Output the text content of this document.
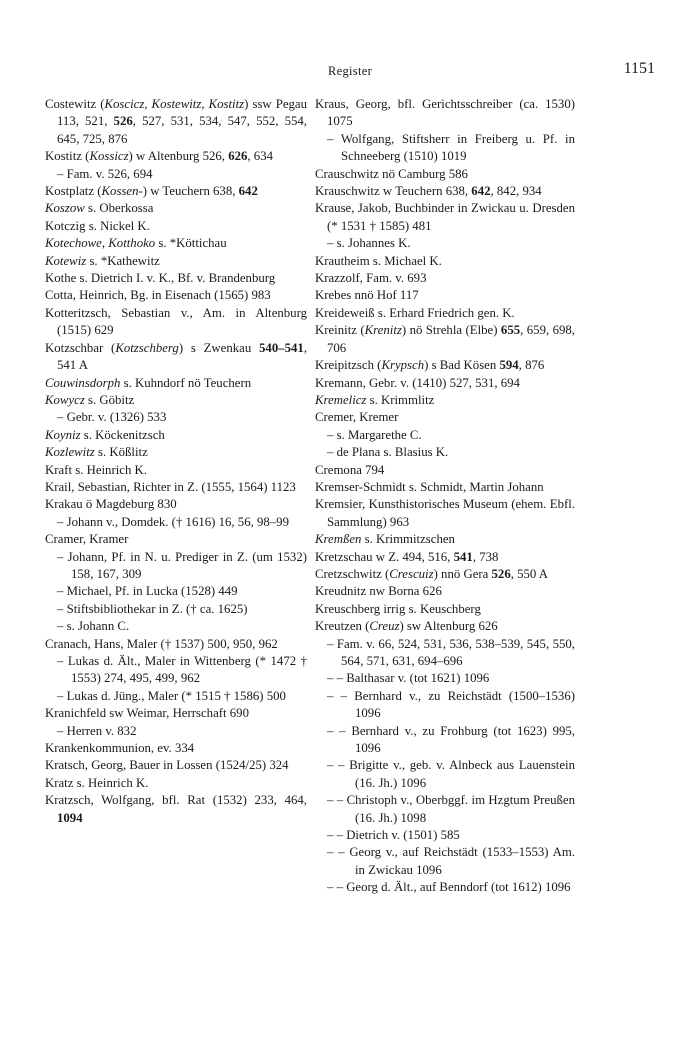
Register	1151

Costewitz (Koscicz, Kostewitz, Kostitz) ssw Pegau 113, 521, 526, 527, 531, 534, 547, 552, 554, 645, 725, 876

Kostitz (Kossicz) w Altenburg 526, 626, 634

– Fam. v. 526, 694

Kostplatz (Kossen-) w Teuchern 638, 642

Koszow s. Oberkossa

Kotczig s. Nickel K.

Kotechowe, Kotthoko s. *Köttichau

Kotewiz s. *Kathewitz

Kothe s. Dietrich I. v. K., Bf. v. Brandenburg

Cotta, Heinrich, Bg. in Eisenach (1565) 983

Kotteritzsch, Sebastian v., Am. in Altenburg (1515) 629

Kotzschbar (Kotzschberg) s Zwenkau 540–541, 541 A

Couwinsdorph s. Kuhndorf nö Teuchern

Kowycz s. Göbitz

– Gebr. v. (1326) 533

Koyniz s. Köckenitzsch

Kozlewitz s. Kößlitz

Kraft s. Heinrich K.

Krail, Sebastian, Richter in Z. (1555, 1564) 1123

Krakau ö Magdeburg 830

– Johann v., Domdek. († 1616) 16, 56, 98–99

Cramer, Kramer

– Johann, Pf. in N. u. Prediger in Z. (um 1532) 158, 167, 309

– Michael, Pf. in Lucka (1528) 449

– Stiftsbibliothekar in Z. († ca. 1625)

– s. Johann C.

Cranach, Hans, Maler († 1537) 500, 950, 962

– Lukas d. Ält., Maler in Wittenberg (* 1472 † 1553) 274, 495, 499, 962

– Lukas d. Jüng., Maler (* 1515 † 1586) 500

Kranichfeld sw Weimar, Herrschaft 690

– Herren v. 832

Krankenkommunion, ev. 334

Kratsch, Georg, Bauer in Lossen (1524/25) 324

Kratz s. Heinrich K.

Kratzsch, Wolfgang, bfl. Rat (1532) 233, 464, 1094

Kraus, Georg, bfl. Gerichtsschreiber (ca. 1530) 1075

– Wolfgang, Stiftsherr in Freiberg u. Pf. in Schneeberg (1510) 1019

Crauschwitz nö Camburg 586

Krauschwitz w Teuchern 638, 642, 842, 934

Krause, Jakob, Buchbinder in Zwickau u. Dresden (* 1531 † 1585) 481

– s. Johannes K.

Krautheim s. Michael K.

Krazzolf, Fam. v. 693

Krebes nnö Hof 117

Kreideweiß s. Erhard Friedrich gen. K.

Kreinitz (Krenitz) nö Strehla (Elbe) 655, 659, 698, 706

Kreipitzsch (Krypsch) s Bad Kösen 594, 876

Kremann, Gebr. v. (1410) 527, 531, 694

Kremelicz s. Krimmlitz

Cremer, Kremer

– s. Margarethe C.

– de Plana s. Blasius K.

Cremona 794

Kremser-Schmidt s. Schmidt, Martin Johann

Kremsier, Kunsthistorisches Museum (ehem. Ebfl. Sammlung) 963

Kremßen s. Krimmitzschen

Kretzschau w Z. 494, 516, 541, 738

Cretzschwitz (Crescuiz) nnö Gera 526, 550 A

Kreudnitz nw Borna 626

Kreuschberg irrig s. Keuschberg

Kreutzen (Creuz) sw Altenburg 626

– Fam. v. 66, 524, 531, 536, 538–539, 545, 550, 564, 571, 631, 694–696

– – Balthasar v. (tot 1621) 1096

– – Bernhard v., zu Reichstädt (1500–1536) 1096

– – Bernhard v., zu Frohburg (tot 1623) 995, 1096

– – Brigitte v., geb. v. Alnbeck aus Lauenstein (16. Jh.) 1096

– – Christoph v., Oberbggf. im Hzgtum Preußen (16. Jh.) 1098

– – Dietrich v. (1501) 585

– – Georg v., auf Reichstädt (1533–1553) Am. in Zwickau 1096

– – Georg d. Ält., auf Benndorf (tot 1612) 1096
